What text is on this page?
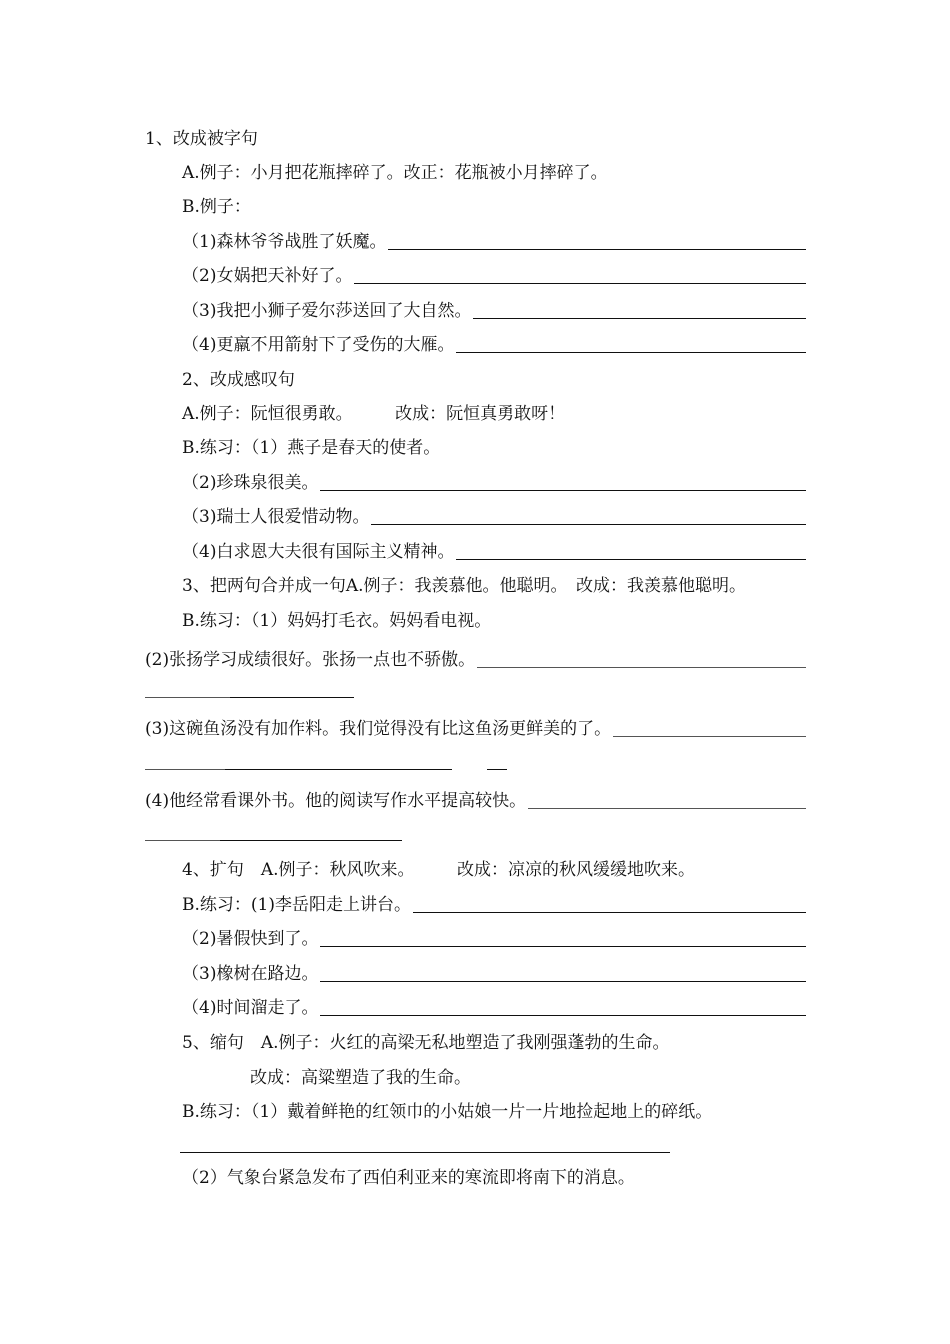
1、改成被字句
A.例子：小月把花瓶摔碎了。改正：花瓶被小月摔碎了。
B.例子：
（1)森林爷爷战胜了妖魔。
（2)女娲把天补好了。
（3)我把小狮子爱尔莎送回了大自然。
（4)更羸不用箭射下了受伤的大雁。
2、改成感叹句
A.例子：阮恒很勇敢。　　　改成：阮恒真勇敢呀！
B.练习：（1）燕子是春天的使者。
（2)珍珠泉很美。
（3)瑞士人很爱惜动物。
（4)白求恩大夫很有国际主义精神。
3、把两句合并成一句A.例子：我羡慕他。他聪明。　改成：我羡慕他聪明。
B.练习：（1）妈妈打毛衣。妈妈看电视。
(2)张扬学习成绩很好。张扬一点也不骄傲。
(3)这碗鱼汤没有加作料。我们觉得没有比这鱼汤更鲜美的了。
(4)他经常看课外书。他的阅读写作水平提高较快。
4、扩句　A.例子：秋风吹来。　　　改成：凉凉的秋风缓缓地吹来。
B.练习：(1)李岳阳走上讲台。
（2)暑假快到了。
（3)橡树在路边。
（4)时间溜走了。
5、缩句　A.例子：火红的高梁无私地塑造了我刚强蓬勃的生命。
改成：高粱塑造了我的生命。
B.练习：（1）戴着鲜艳的红领巾的小姑娘一片一片地捡起地上的碎纸。
（2）气象台紧急发布了西伯利亚来的寒流即将南下的消息。
